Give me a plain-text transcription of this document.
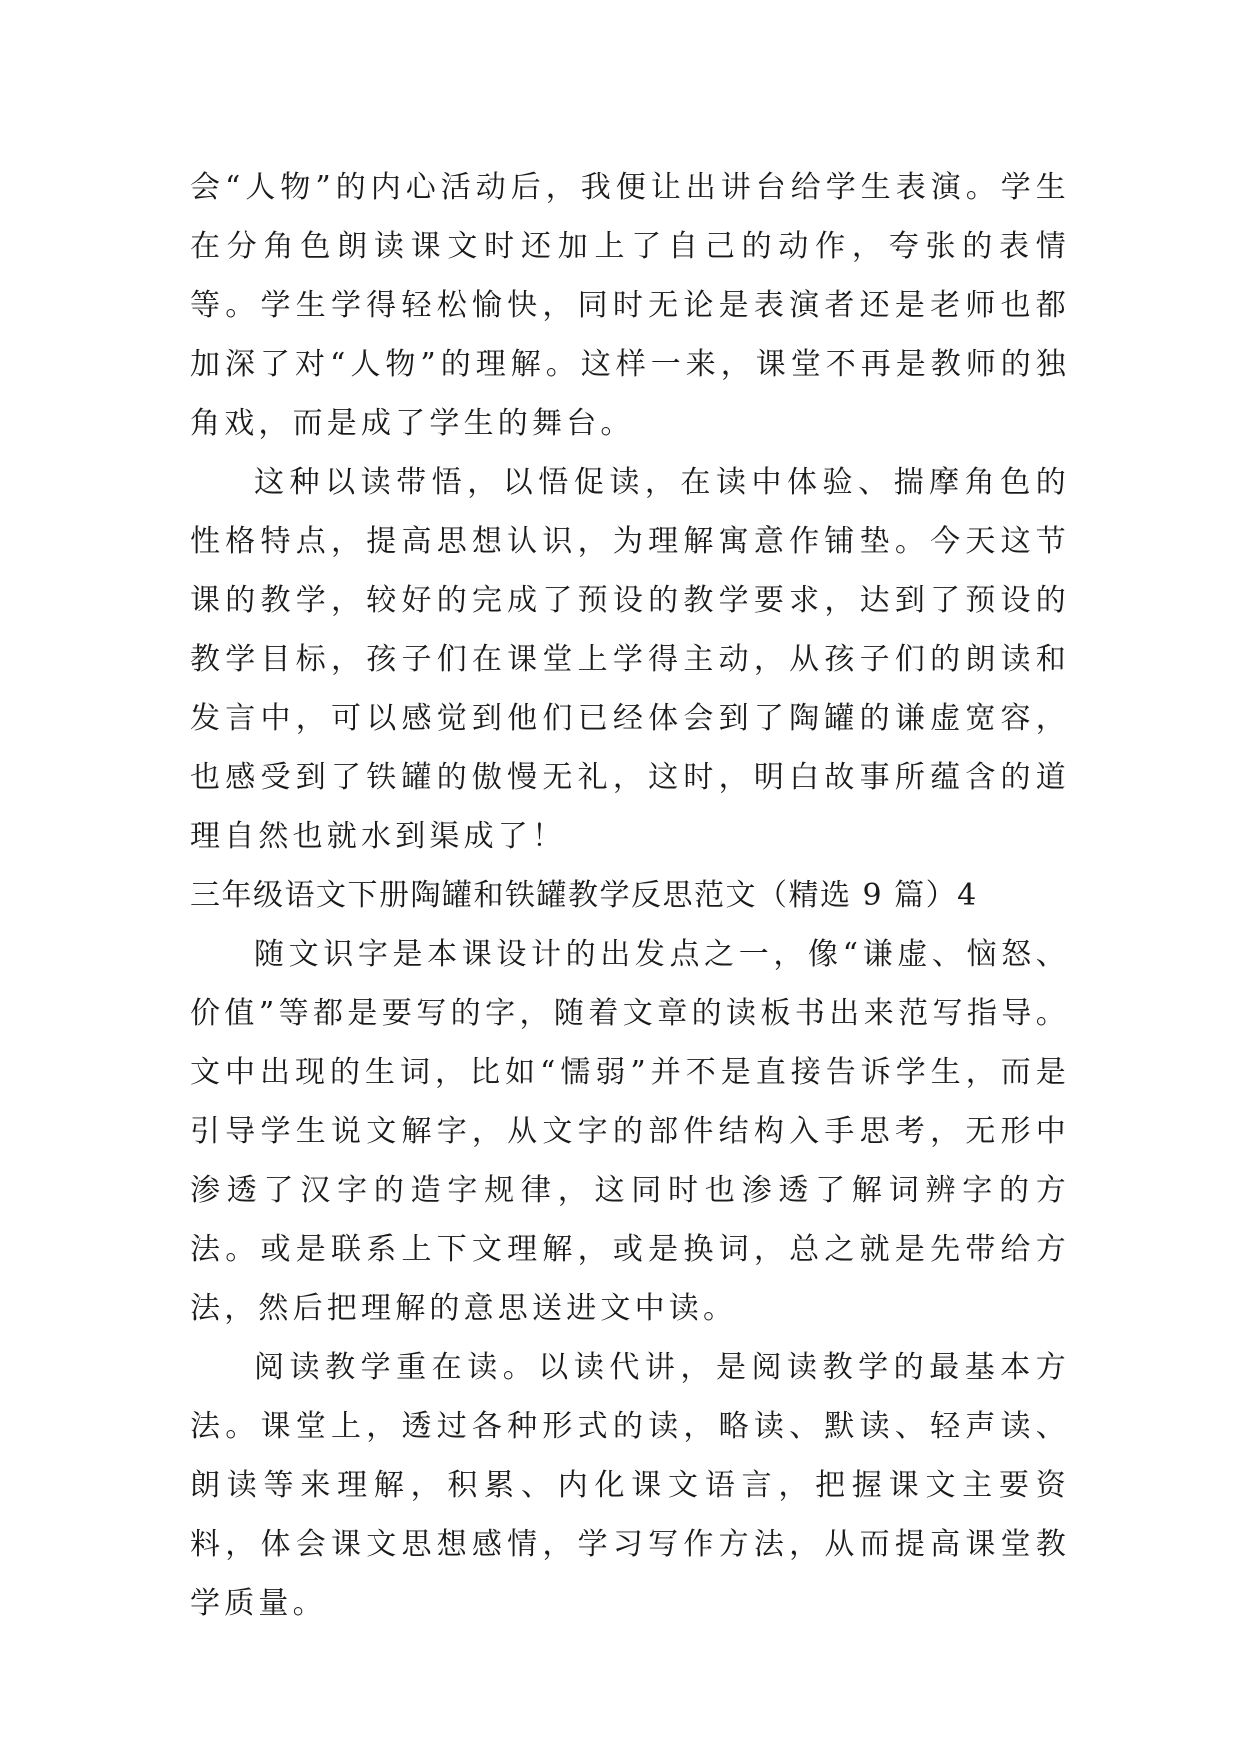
会“人物”的内心活动后，我便让出讲台给学生表演。学生在分角色朗读课文时还加上了自己的动作，夸张的表情等。学生学得轻松愉快，同时无论是表演者还是老师也都加深了对“人物”的理解。这样一来，课堂不再是教师的独角戏，而是成了学生的舞台。

这种以读带悟，以悟促读，在读中体验、揣摩角色的性格特点，提高思想认识，为理解寓意作铺垫。今天这节课的教学，较好的完成了预设的教学要求，达到了预设的教学目标，孩子们在课堂上学得主动，从孩子们的朗读和发言中，可以感觉到他们已经体会到了陶罐的谦虚宽容，也感受到了铁罐的傲慢无礼，这时，明白故事所蕴含的道理自然也就水到渠成了！

三年级语文下册陶罐和铁罐教学反思范文（精选 9 篇）4

随文识字是本课设计的出发点之一，像“谦虚、恼怒、价值”等都是要写的字，随着文章的读板书出来范写指导。文中出现的生词，比如“懦弱”并不是直接告诉学生，而是引导学生说文解字，从文字的部件结构入手思考，无形中渗透了汉字的造字规律，这同时也渗透了解词辨字的方法。或是联系上下文理解，或是换词，总之就是先带给方法，然后把理解的意思送进文中读。

阅读教学重在读。以读代讲，是阅读教学的最基本方法。课堂上，透过各种形式的读，略读、默读、轻声读、朗读等来理解，积累、内化课文语言，把握课文主要资料，体会课文思想感情，学习写作方法，从而提高课堂教学质量。
